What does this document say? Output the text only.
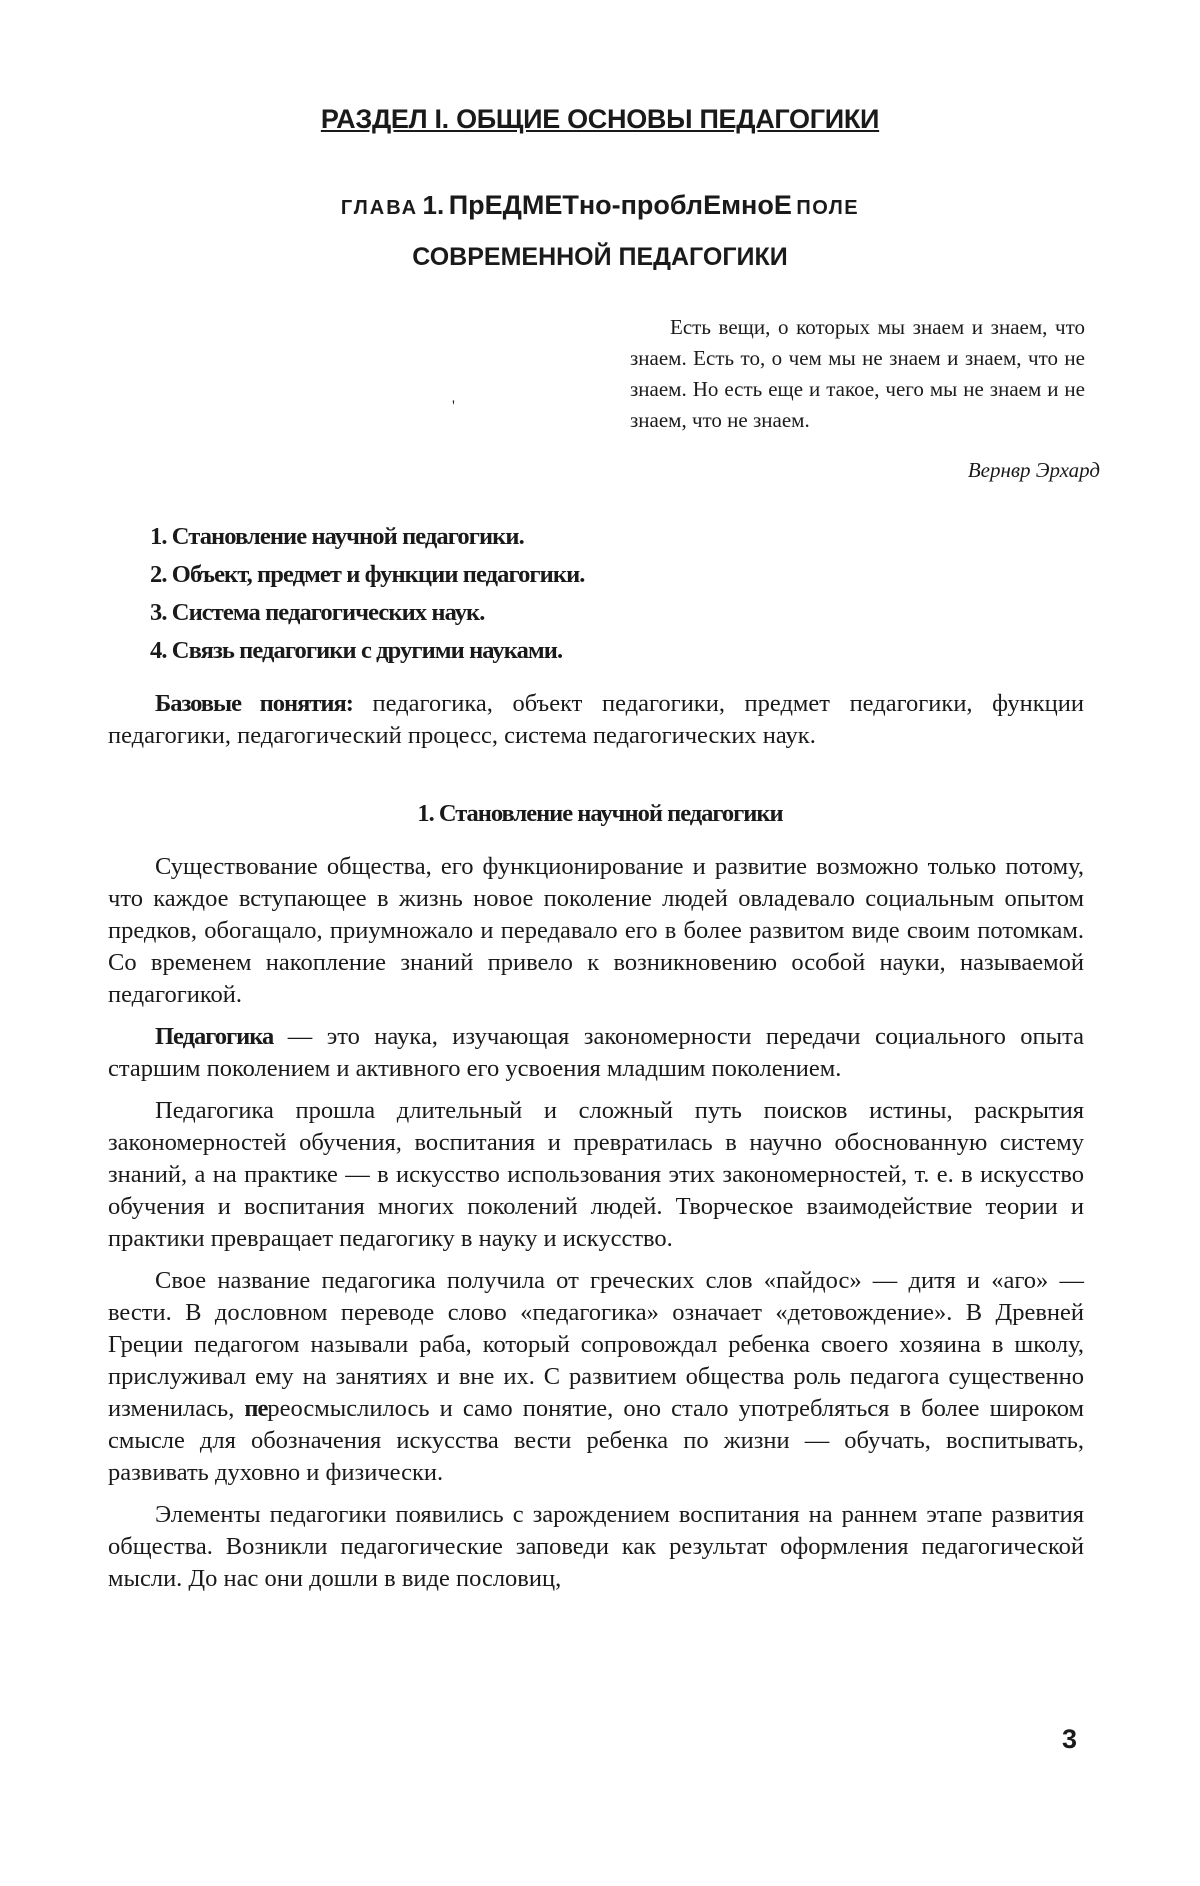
РАЗДЕЛ I. ОБЩИЕ ОСНОВЫ ПЕДАГОГИКИ
ГЛАВА 1. ПрЕДМЕТно-проблЕмноЕ ПОЛЕ
СОВРЕМЕННОЙ ПЕДАГОГИКИ
'
Есть вещи, о которых мы знаем и знаем, что знаем. Есть то, о чем мы не знаем и знаем, что не знаем. Но есть еще и такое, чего мы не знаем и не знаем, что не знаем.
Вернвр Эрхард
1. Становление научной педагогики.
2. Объект, предмет и функции педагогики.
3. Система педагогических наук.
4. Связь педагогики с другими науками.

Базовые понятия: педагогика, объект педагогики, предмет педагогики, функции педагогики, педагогический процесс, система педагогических наук.

1. Становление научной педагогики

Существование общества, его функционирование и развитие возможно только потому, что каждое вступающее в жизнь новое поколение людей овладевало социальным опытом предков, обогащало, приумножало и передавало его в более развитом виде своим потомкам. Со временем накопление знаний привело к возникновению особой науки, называемой педагогикой.

Педагогика — это наука, изучающая закономерности передачи социального опыта старшим поколением и активного его усвоения младшим поколением.

Педагогика прошла длительный и сложный путь поисков истины, раскрытия закономерностей обучения, воспитания и превратилась в научно обоснованную систему знаний, а на практике — в искусство использования этих закономерностей, т. е. в искусство обучения и воспитания многих поколений людей. Творческое взаимодействие теории и практики превращает педагогику в науку и искусство.

Свое название педагогика получила от греческих слов «пайдос» — дитя и «аго» — вести. В дословном переводе слово «педагогика» означает «детовождение». В Древней Греции педагогом называли раба, который сопровождал ребенка своего хозяина в школу, прислуживал ему на занятиях и вне их. С развитием общества роль педагога существенно изменилась, переосмыслилось и само понятие, оно стало употребляться в более широком смысле для обозначения искусства вести ребенка по жизни — обучать, воспитывать, развивать духовно и физически.

Элементы педагогики появились с зарождением воспитания на раннем этапе развития общества. Возникли педагогические заповеди как результат оформления педагогической мысли. До нас они дошли в виде пословиц,

3
